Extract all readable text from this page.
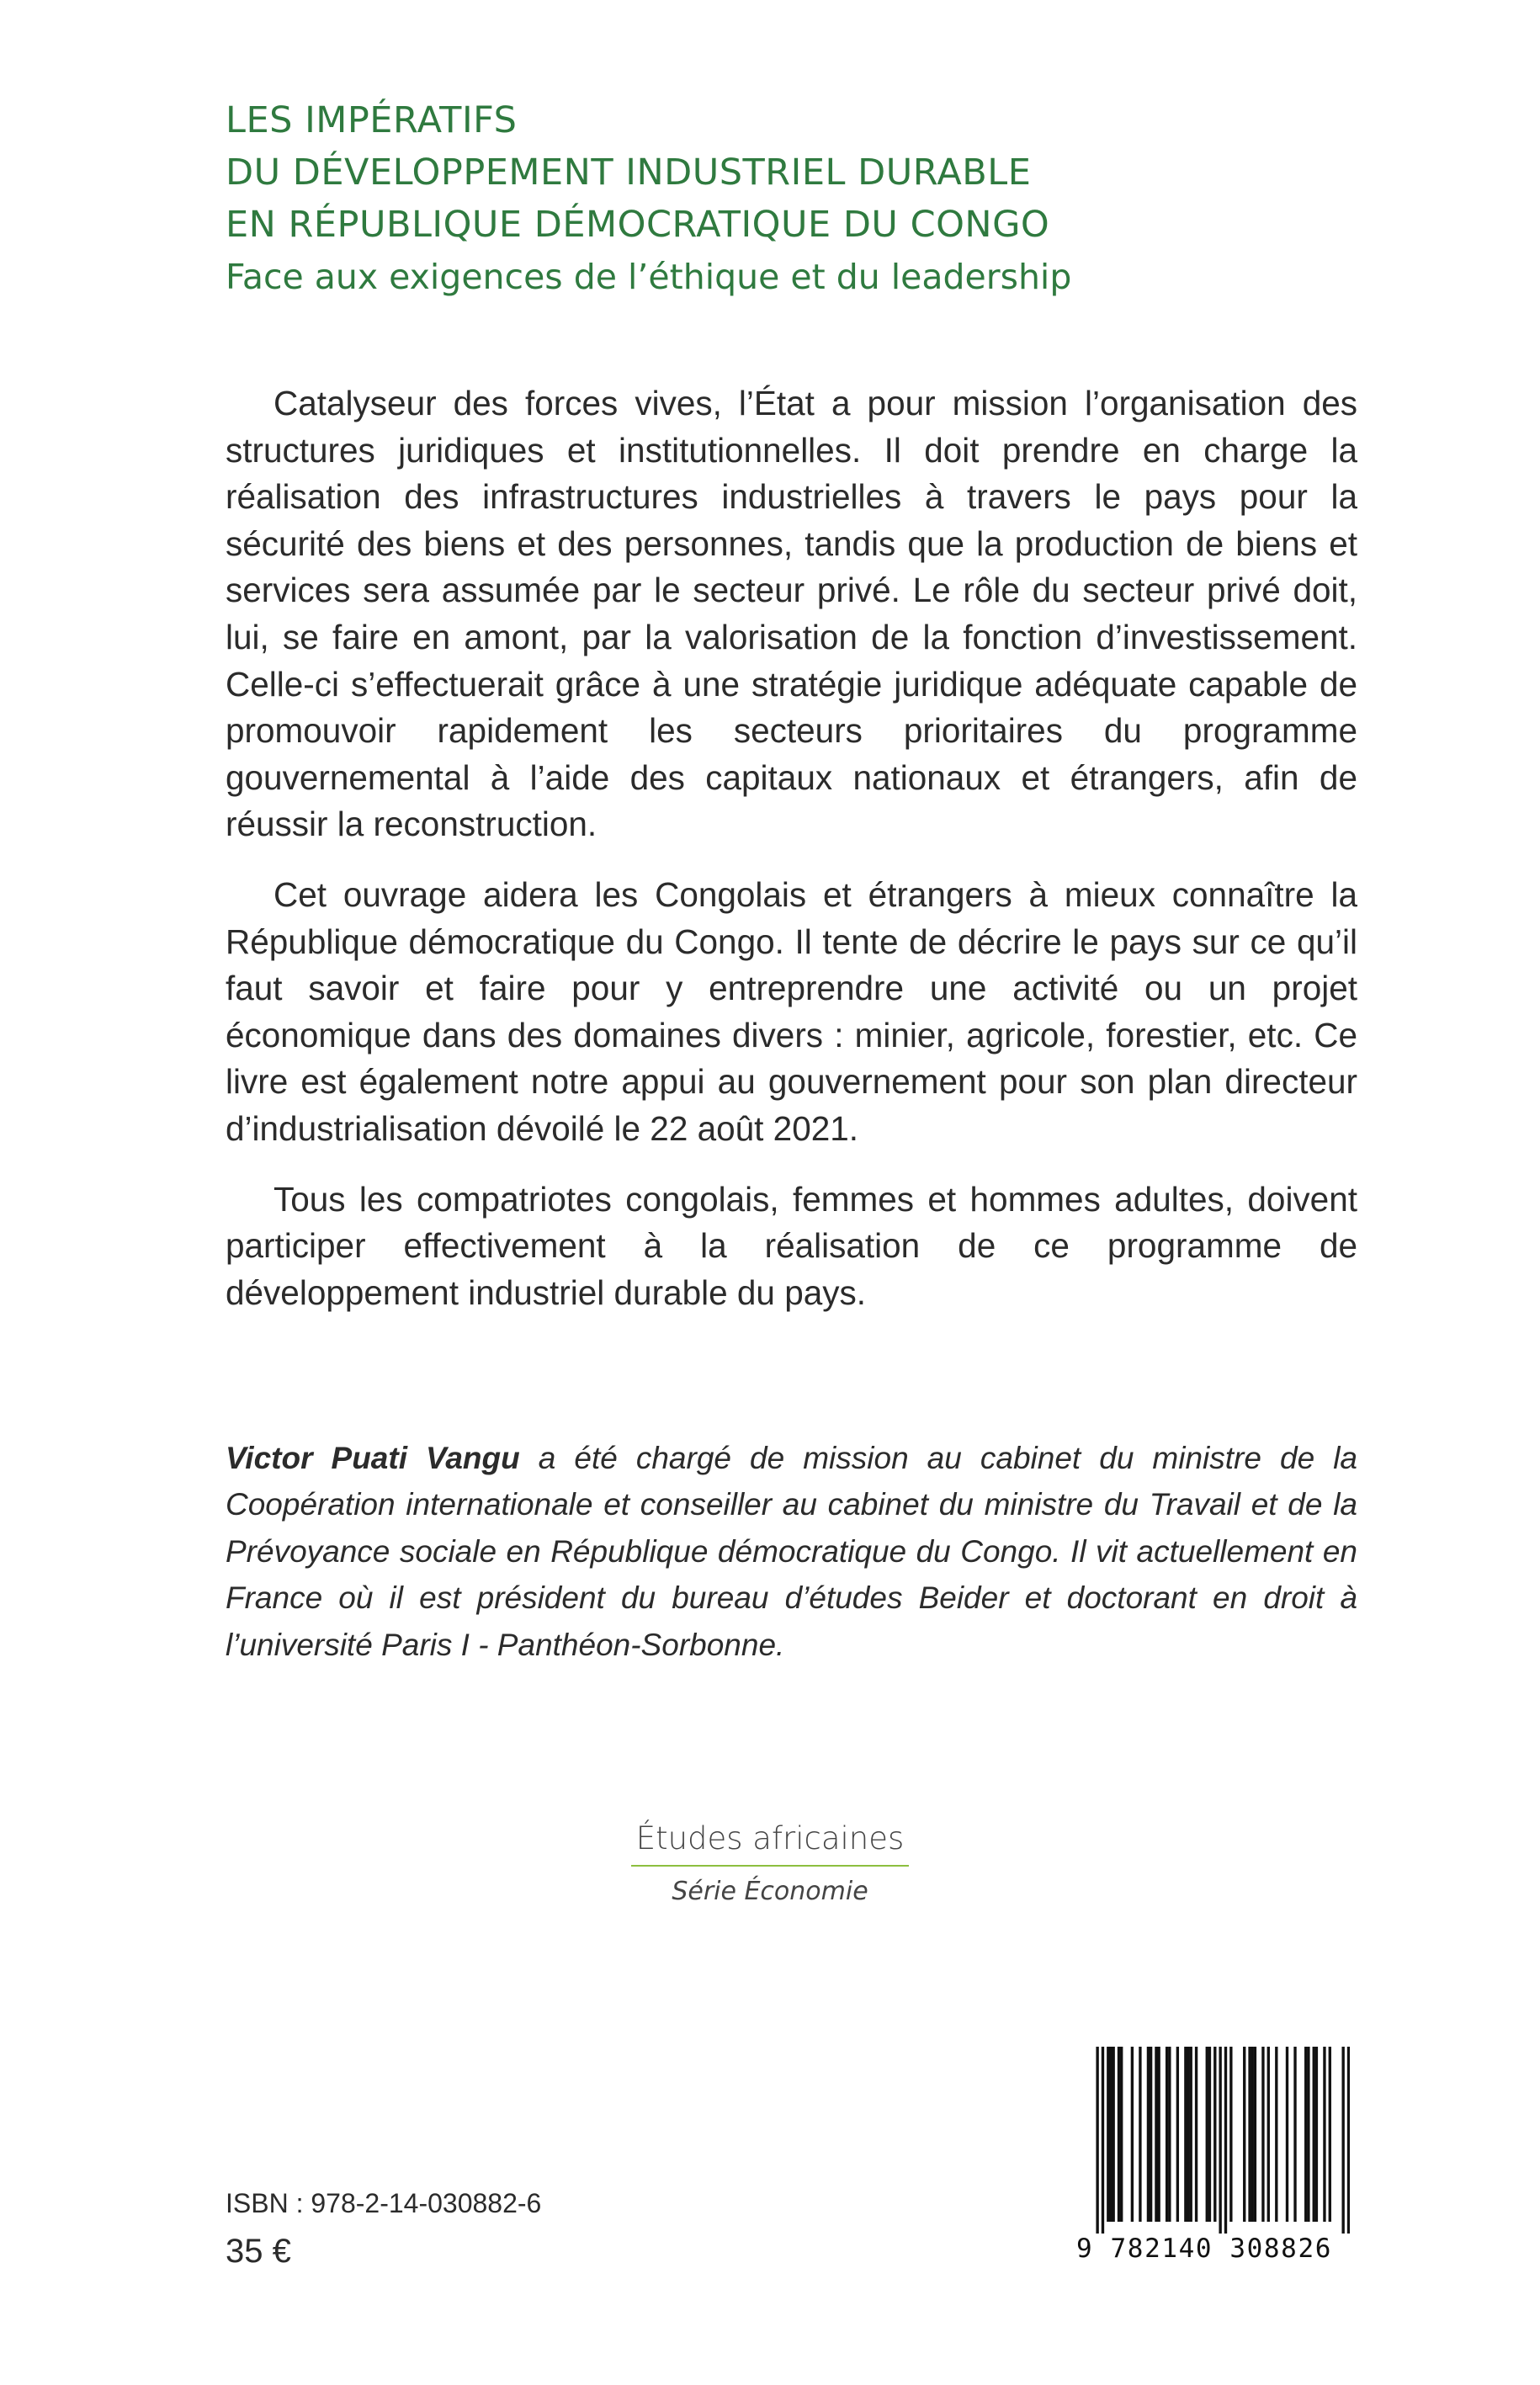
LES IMPÉRATIFS
DU DÉVELOPPEMENT INDUSTRIEL DURABLE
EN RÉPUBLIQUE DÉMOCRATIQUE DU CONGO
Face aux exigences de l’éthique et du leadership

Catalyseur des forces vives, l’État a pour mission l’organisation des structures juridiques et institutionnelles. Il doit prendre en charge la réalisation des infrastructures industrielles à travers le pays pour la sécurité des biens et des personnes, tandis que la production de biens et services sera assumée par le secteur privé. Le rôle du secteur privé doit, lui, se faire en amont, par la valorisation de la fonction d’investissement. Celle-ci s’effectuerait grâce à une stratégie juridique adéquate capable de promouvoir rapidement les secteurs prioritaires du programme gouvernemental à l’aide des capitaux nationaux et étrangers, afin de réussir la reconstruction.

Cet ouvrage aidera les Congolais et étrangers à mieux connaître la République démocratique du Congo. Il tente de décrire le pays sur ce qu’il faut savoir et faire pour y entreprendre une activité ou un projet économique dans des domaines divers : minier, agricole, forestier, etc. Ce livre est également notre appui au gouvernement pour son plan directeur d’industrialisation dévoilé le 22 août 2021.

Tous les compatriotes congolais, femmes et hommes adultes, doivent participer effectivement à la réalisation de ce programme de développement industriel durable du pays.

Victor Puati Vangu a été chargé de mission au cabinet du ministre de la Coopération internationale et conseiller au cabinet du ministre du Travail et de la Prévoyance sociale en République démocratique du Congo. Il vit actuellement en France où il est président du bureau d’études Beider et doctorant en droit à l’université Paris I - Panthéon-Sorbonne.
Études africaines
Série Économie
ISBN : 978-2-14-030882-6
35 €	9 782140 308826
